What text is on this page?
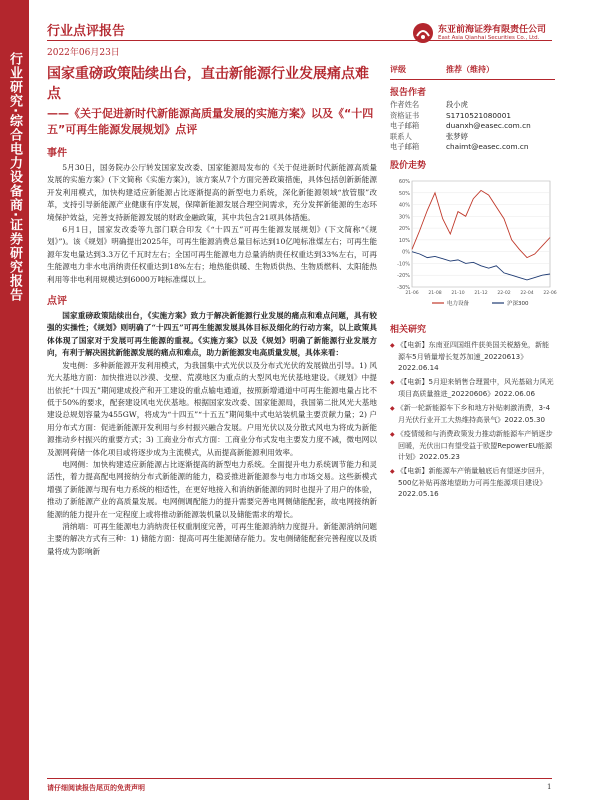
行业研究·综合电力设备商·证券研究报告
行业点评报告
2022年06月23日
东亚前海证券有限责任公司
East Asia Qianhai Securities Co., Ltd.
国家重磅政策陆续出台，直击新能源行业发展痛点难点
——《关于促进新时代新能源高质量发展的实施方案》以及《“十四五”可再生能源发展规划》点评
事件

5月30日，国务院办公厅转发国家发改委、国家能源局发布的《关于促进新时代新能源高质量发展的实施方案》(下文简称《实施方案》)，该方案从7个方面完善政策措施，具体包括创新新能源开发利用模式，加快构建适应新能源占比逐渐提高的新型电力系统，深化新能源领域“放管服”改革，支持引导新能源产业健康有序发展，保障新能源发展合理空间需求，充分发挥新能源的生态环境保护效益，完善支持新能源发展的财政金融政策，其中共包含21项具体措施。

6月1日，国家发改委等九部门联合印发《“十四五”可再生能源发展规划》(下文简称“《规划》”)。该《规划》明确提出2025年，可再生能源消费总量目标达到10亿吨标准煤左右；可再生能源年发电量达到3.3万亿千瓦时左右；全国可再生能源电力总量消纳责任权重达到33%左右，可再生能源电力非水电消纳责任权重达到18%左右；地热能供暖、生物质供热、生物质燃料、太阳能热利用等非电利用规模达到6000万吨标准煤以上。

点评

国家重磅政策陆续出台，《实施方案》致力于解决新能源行业发展的痛点和难点问题，具有较强的实操性；《规划》则明确了“十四五”可再生能源发展具体目标及细化的行动方案，以上政策具体体现了国家对于发展可再生能源的重视。《实施方案》以及《规划》明确了新能源行业发展方向，有利于解决困扰新能源发展的痛点和难点，助力新能源发电高质量发展，具体来看：

发电侧：多种新能源开发利用模式，为我国集中式光伏以及分布式光伏的发展做出引导。1) 风光大基地方面：加快推进以沙漠、戈壁、荒漠地区为重点的大型风电光伏基地建设。《规划》中提出依托“十四五”期间建成投产和开工建设的重点输电通道，按照新增通道中可再生能源电量占比不低于50%的要求，配套建设风电光伏基地。根据国家发改委、国家能源局，我国第二批风光大基地建设总规划容量为455GW，将成为“十四五”“十五五”期间集中式电站装机量主要贡献力量；2) 户用分布式方面：促进新能源开发利用与乡村振兴融合发展。户用光伏以及分散式风电为将成为新能源推动乡村振兴的重要方式；3) 工商业分布式方面：工商业分布式发电主要发力度不减，微电网以及源网荷储一体化项目或将逐步成为主流模式，从而提高新能源利用效率。

电网侧：加快构建适应新能源占比逐渐提高的新型电力系统。全面提升电力系统调节能力和灵活性，着力提高配电网接纳分布式新能源的能力，稳妥推进新能源参与电力市场交易。这些新模式增强了新能源与现有电力系统的相适性，在更好地接入和消纳新能源的同时也提升了用户的体验，推动了新能源产业的高质量发展。电网侧调配能力的提升需要完善电网侧储能配套，故电网接纳新能源的能力提升在一定程度上或将推动新能源装机量以及储能需求的增长。

消纳端：可再生能源电力消纳责任权重制度完善，可再生能源消纳力度提升。新能源消纳问题主要的解决方式有三种：1) 储能方面：提高可再生能源储存能力。发电侧储能配套完善程度以及质量将成为影响新

评级	推荐（维持）
报告作者
作者姓名	段小虎
资格证书	S1710521080001
电子邮箱	duanxh@easec.com.cn
联系人	张梦婷
电子邮箱	chaimt@easec.com.cn
股价走势
-30%
-20%
-10%
0%
10%
20%
30%
40%
50%
60%
21-06 21-08 21-10 21-12 22-02 22-04 22-06
电力设备	沪深300
相关研究

◆ 《【电新】东南亚四国组件获美国关税豁免，新能源车5月销量增长复苏加速_20220613》2022.06.14

◆ 《【电新】5月迎来销售合理置中，风光基础力风光项目高质量推进_20220606》2022.06.06

◆ 《新一轮新能源车下乡和地方补贴刺激消费，3-4月光伏行业开工大热维持高景气》2022.05.30

◆ 《疫情缓和与消费政策发力推动新能源车产销逐步回暖，光伏出口有望受益于欧盟RepowerEU能源计划》2022.05.23

◆ 《【电新】新能源车产销量触底后有望逐步回升，500亿补贴再落地望助力可再生能源项目建设》2022.05.16

请仔细阅读报告尾页的免责声明	1
